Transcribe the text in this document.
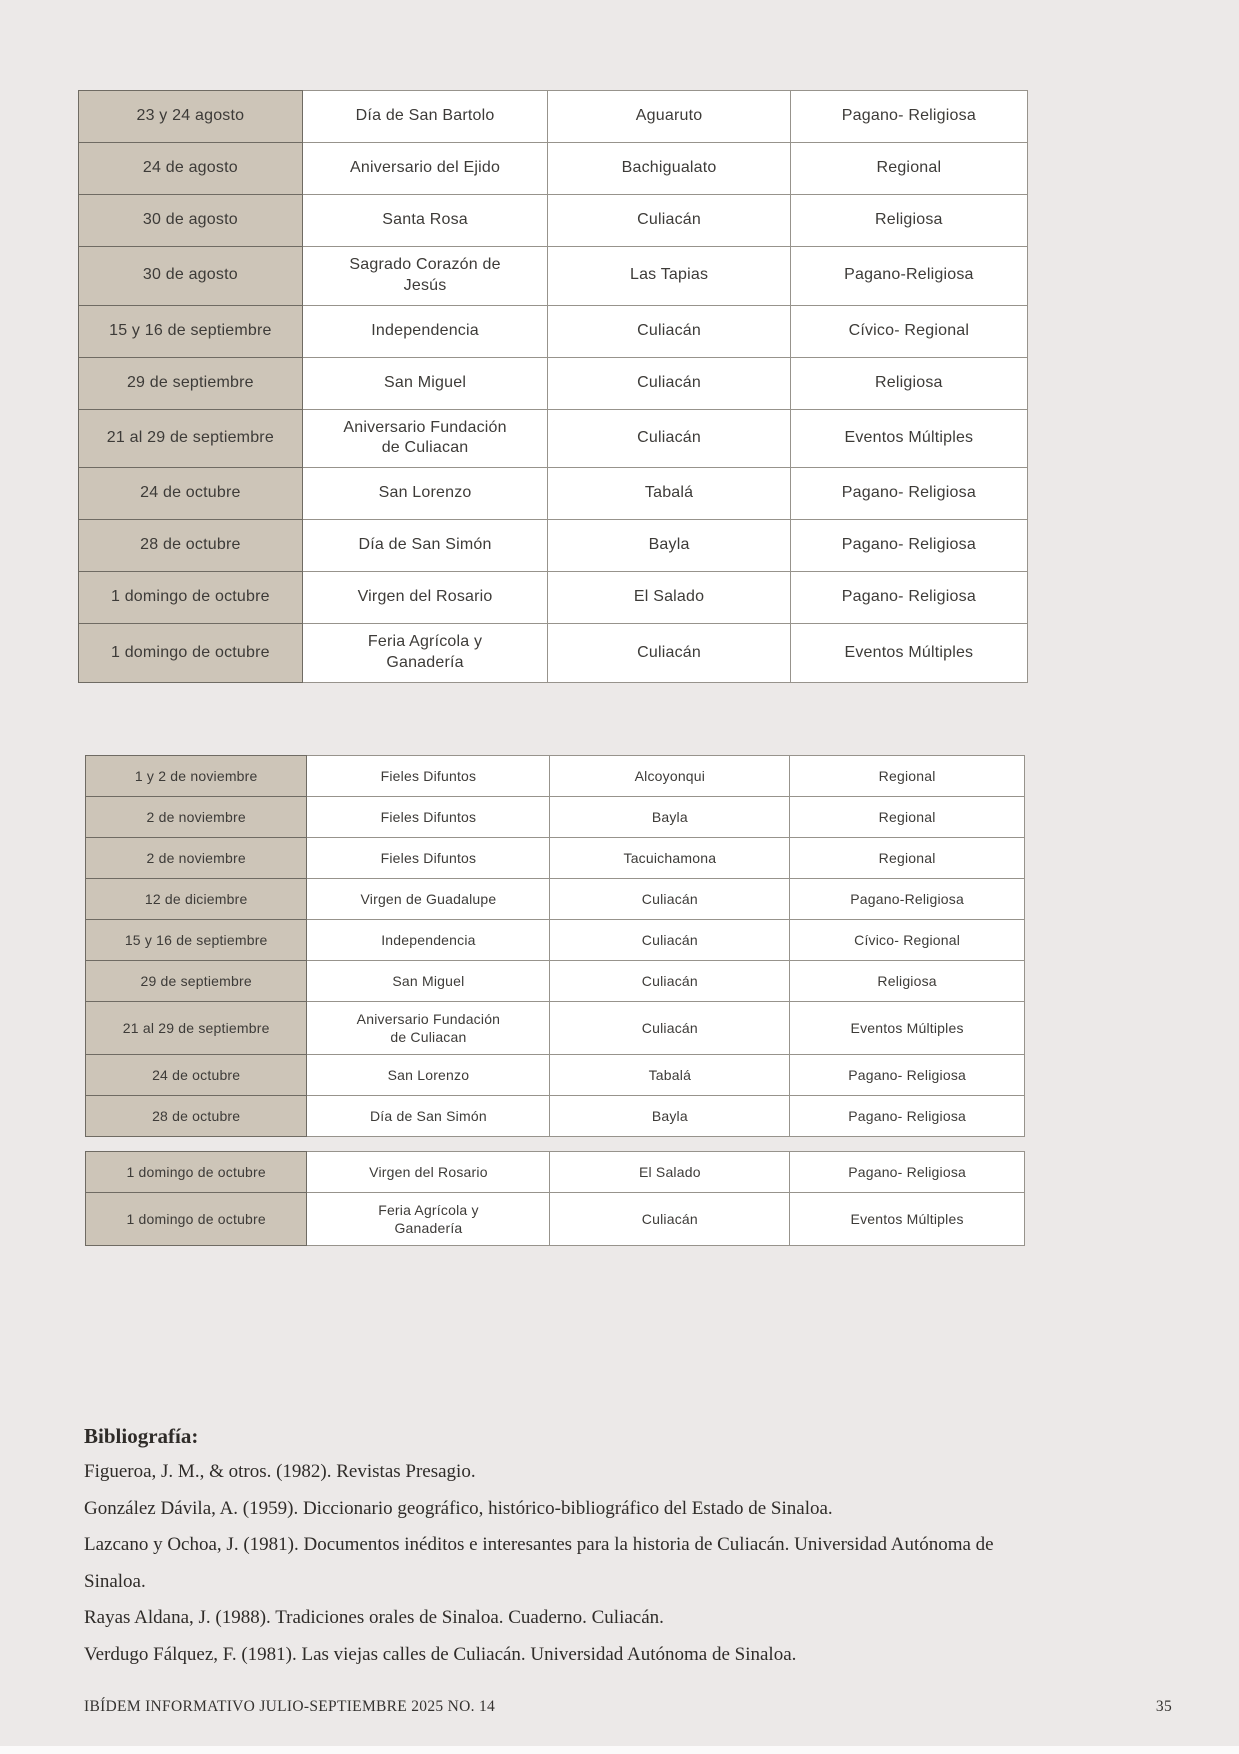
23 y 24 agosto	Día de San Bartolo	Aguaruto	Pagano- Religiosa
24 de agosto	Aniversario del Ejido	Bachigualato	Regional
30 de agosto	Santa Rosa	Culiacán	Religiosa
30 de agosto	Sagrado Corazón de Jesús	Las Tapias	Pagano-Religiosa
15 y 16 de septiembre	Independencia	Culiacán	Cívico- Regional
29 de septiembre	San Miguel	Culiacán	Religiosa
21 al 29 de septiembre	Aniversario Fundación de Culiacan	Culiacán	Eventos Múltiples
24 de octubre	San Lorenzo	Tabalá	Pagano- Religiosa
28 de octubre	Día de San Simón	Bayla	Pagano- Religiosa
1 domingo de octubre	Virgen del Rosario	El Salado	Pagano- Religiosa
1 domingo de octubre	Feria Agrícola y Ganadería	Culiacán	Eventos Múltiples
1 y 2 de noviembre	Fieles Difuntos	Alcoyonqui	Regional
2 de noviembre	Fieles Difuntos	Bayla	Regional
2 de noviembre	Fieles Difuntos	Tacuichamona	Regional
12 de diciembre	Virgen de Guadalupe	Culiacán	Pagano-Religiosa
15 y 16 de septiembre	Independencia	Culiacán	Cívico- Regional
29 de septiembre	San Miguel	Culiacán	Religiosa
21 al 29 de septiembre	Aniversario Fundación de Culiacan	Culiacán	Eventos Múltiples
24 de octubre	San Lorenzo	Tabalá	Pagano- Religiosa
28 de octubre	Día de San Simón	Bayla	Pagano- Religiosa
1 domingo de octubre	Virgen del Rosario	El Salado	Pagano- Religiosa
1 domingo de octubre	Feria Agrícola y Ganadería	Culiacán	Eventos Múltiples
Bibliografía:

Figueroa, J. M., & otros. (1982). Revistas Presagio.

González Dávila, A. (1959). Diccionario geográfico, histórico-bibliográfico del Estado de Sinaloa.

Lazcano y Ochoa, J. (1981). Documentos inéditos e interesantes para la historia de Culiacán. Universidad Autónoma de Sinaloa.

Rayas Aldana, J. (1988). Tradiciones orales de Sinaloa. Cuaderno. Culiacán.

Verdugo Fálquez, F. (1981). Las viejas calles de Culiacán. Universidad Autónoma de Sinaloa.

IBÍDEM INFORMATIVO JULIO-SEPTIEMBRE 2025 NO. 14	35
